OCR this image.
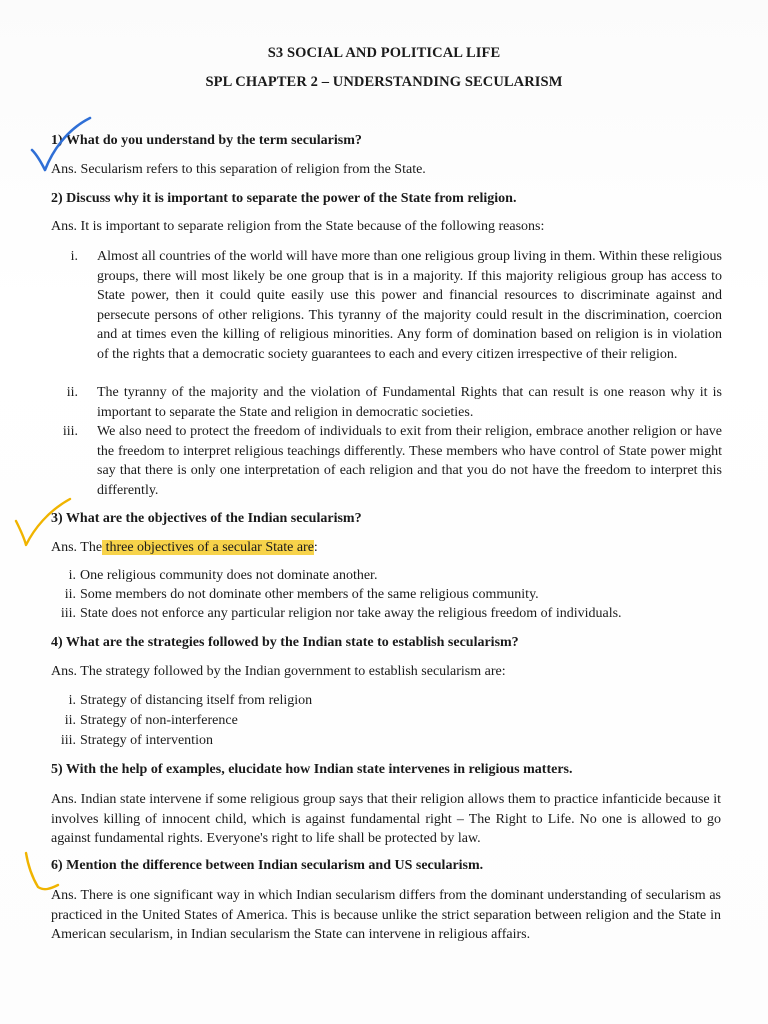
S3 SOCIAL AND POLITICAL LIFE
SPL CHAPTER 2 – UNDERSTANDING SECULARISM
1) What do you understand by the term secularism?
Ans. Secularism refers to this separation of religion from the State.
2) Discuss why it is important to separate the power of the State from religion.
Ans. It is important to separate religion from the State because of the following reasons:
i. Almost all countries of the world will have more than one religious group living in them. Within these religious groups, there will most likely be one group that is in a majority. If this majority religious group has access to State power, then it could quite easily use this power and financial resources to discriminate against and persecute persons of other religions. This tyranny of the majority could result in the discrimination, coercion and at times even the killing of religious minorities. Any form of domination based on religion is in violation of the rights that a democratic society guarantees to each and every citizen irrespective of their religion.
ii. The tyranny of the majority and the violation of Fundamental Rights that can result is one reason why it is important to separate the State and religion in democratic societies.
iii. We also need to protect the freedom of individuals to exit from their religion, embrace another religion or have the freedom to interpret religious teachings differently. These members who have control of State power might say that there is only one interpretation of each religion and that you do not have the freedom to interpret this differently.
3) What are the objectives of the Indian secularism?
Ans. The three objectives of a secular State are:
i. One religious community does not dominate another.
ii. Some members do not dominate other members of the same religious community.
iii. State does not enforce any particular religion nor take away the religious freedom of individuals.
4) What are the strategies followed by the Indian state to establish secularism?
Ans. The strategy followed by the Indian government to establish secularism are:
i. Strategy of distancing itself from religion
ii. Strategy of non-interference
iii. Strategy of intervention
5) With the help of examples, elucidate how Indian state intervenes in religious matters.
Ans. Indian state intervene if some religious group says that their religion allows them to practice infanticide because it involves killing of innocent child, which is against fundamental right – The Right to Life. No one is allowed to go against fundamental rights. Everyone's right to life shall be protected by law.
6) Mention the difference between Indian secularism and US secularism.
Ans. There is one significant way in which Indian secularism differs from the dominant understanding of secularism as practiced in the United States of America. This is because unlike the strict separation between religion and the State in American secularism, in Indian secularism the State can intervene in religious affairs.
